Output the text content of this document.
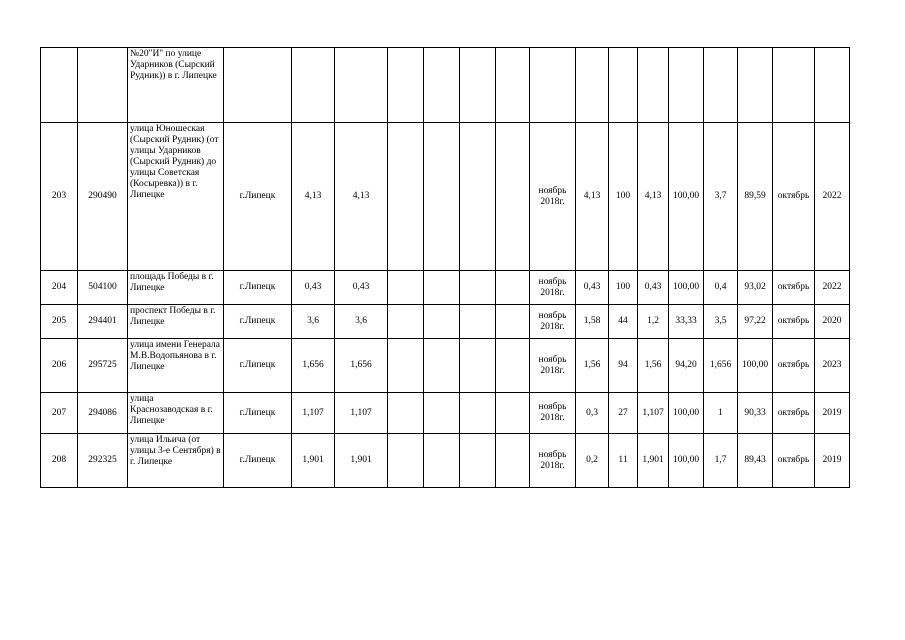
		№20"И" по улице Ударников (Сырский Рудник)) в г. Липецке																
203	290490	улица Юношеская (Сырский Рудник) (от улицы Ударников (Сырский Рудник) до улицы Советская (Косыревка)) в г. Липецке	г.Липецк	4,13	4,13					ноябрь 2018г.	4,13	100	4,13	100,00	3,7	89,59	октябрь	2022
204	504100	площадь Победы в г. Липецке	г.Липецк	0,43	0,43					ноябрь 2018г.	0,43	100	0,43	100,00	0,4	93,02	октябрь	2022
205	294401	проспект Победы в г. Липецке	г.Липецк	3,6	3,6					ноябрь 2018г.	1,58	44	1,2	33,33	3,5	97,22	октябрь	2020
206	295725	улица имени Генерала М.В.Водопьянова в г. Липецке	г.Липецк	1,656	1,656					ноябрь 2018г.	1,56	94	1,56	94,20	1,656	100,00	октябрь	2023
207	294086	улица Краснозаводская в г. Липецке	г.Липецк	1,107	1,107					ноябрь 2018г.	0,3	27	1,107	100,00	1	90,33	октябрь	2019
208	292325	улица Ильича (от улицы 3-е Сентября) в г. Липецке	г.Липецк	1,901	1,901					ноябрь 2018г.	0,2	11	1,901	100,00	1,7	89,43	октябрь	2019
